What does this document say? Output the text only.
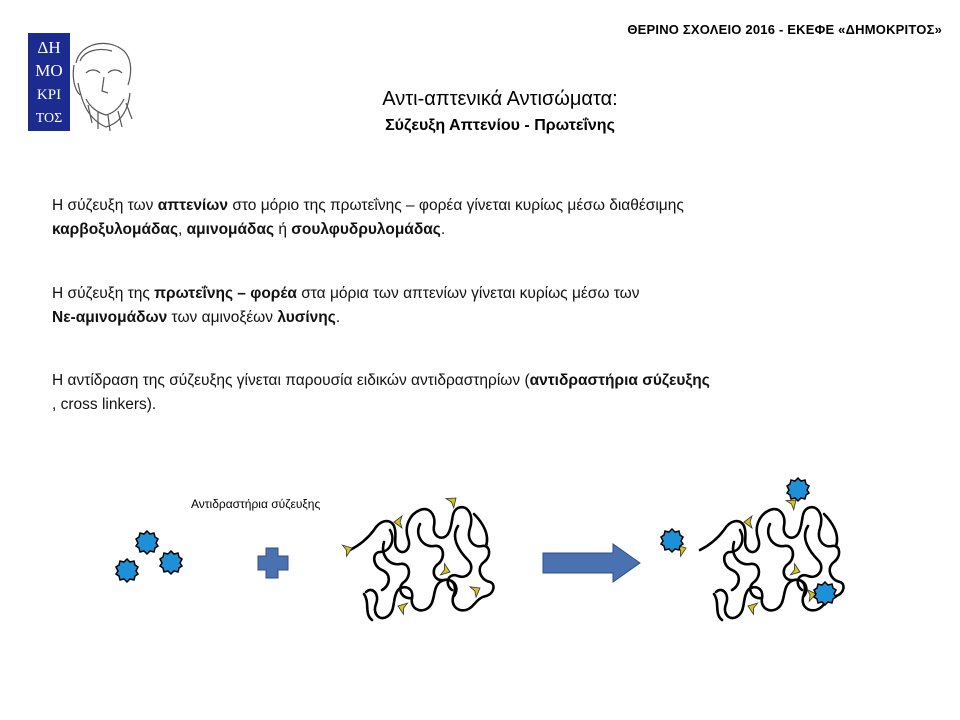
ΘΕΡΙΝΟ ΣΧΟΛΕΙΟ 2016 - ΕΚΕΦΕ «ΔΗΜΟΚΡΙΤΟΣ»
ΔΗ
ΜΟ
ΚΡΙ
ΤΟΣ
Αντι-απτενικά Αντισώματα:
Σύζευξη Απτενίου - Πρωτεΐνης
Η σύζευξη των απτενίων στο μόριο της πρωτεΐνης – φορέα γίνεται κυρίως μέσω διαθέσιμης
καρβοξυλομάδας, αμινομάδας ή σουλφυδρυλομάδας.
Η σύζευξη της πρωτεΐνης – φορέα στα μόρια των απτενίων γίνεται κυρίως μέσω των
Nε-αμινομάδων των αμινοξέων λυσίνης.
Η αντίδραση της σύζευξης γίνεται παρουσία ειδικών αντιδραστηρίων (αντιδραστήρια σύζευξης
, cross linkers).
Αντιδραστήρια σύζευξης
